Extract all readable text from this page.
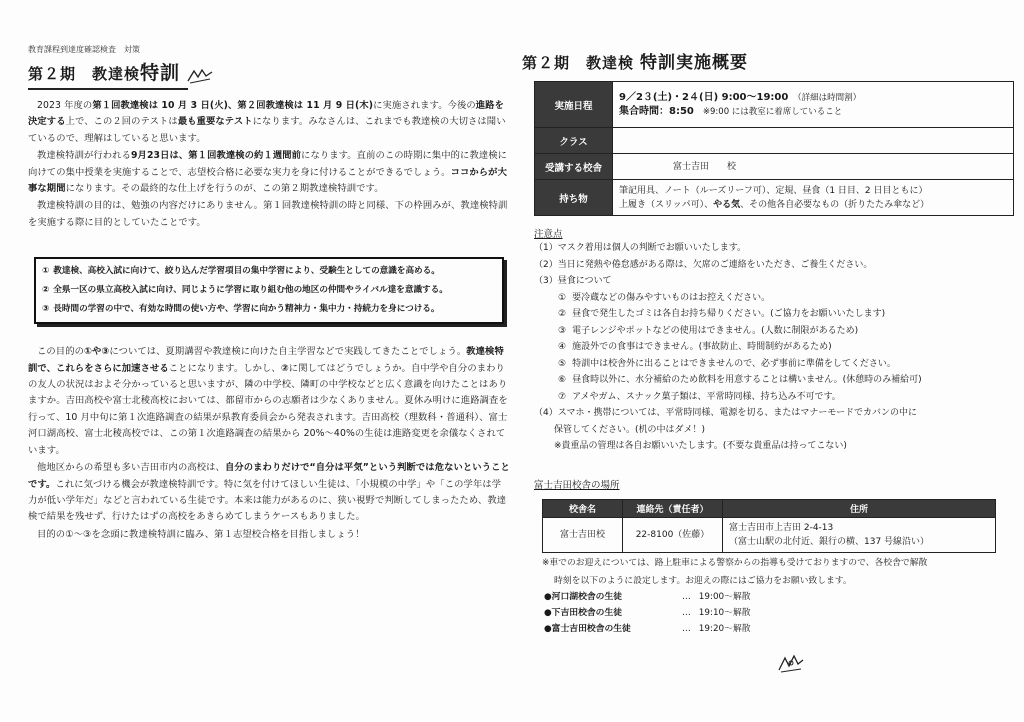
教育課程到達度確認検査　対策
第２期　教達検特訓

2023 年度の第１回教達検は 10 月 3 日(火)、第２回教達検は 11 月 9 日(木)に実施されます。今後の進路を決定する上で、この２回のテストは最も重要なテストになります。みなさんは、これまでも教達検の大切さは聞いているので、理解はしていると思います。

教達検特訓が行われる9月23日は、第１回教達検の約１週間前になります。直前のこの時期に集中的に教達検に向けての集中授業を実施することで、志望校合格に必要な実力を身に付けることができるでしょう。ココからが大事な期間になります。その最終的な仕上げを行うのが、この第２期教達検特訓です。

教達検特訓の目的は、勉強の内容だけにありません。第１回教達検特訓の時と同様、下の枠囲みが、教達検特訓を実施する際に目的としていたことです。

① 教達検、高校入試に向けて、絞り込んだ学習項目の集中学習により、受験生としての意識を高める。
② 全県一区の県立高校入試に向け、同じように学習に取り組む他の地区の仲間やライバル達を意識する。
③ 長時間の学習の中で、有効な時間の使い方や、学習に向かう精神力・集中力・持続力を身につける。

この目的の①や③については、夏期講習や教達検に向けた自主学習などで実践してきたことでしょう。教達検特訓で、これらをさらに加速させることになります。しかし、②に関してはどうでしょうか。自中学や自分のまわりの友人の状況はおよそ分かっていると思いますが、隣の中学校、隣町の中学校などと広く意識を向けたことはありますか。吉田高校や富士北稜高校においては、都留市からの志願者は少なくありません。夏休み明けに進路調査を行って、10 月中旬に第１次進路調査の結果が県教育委員会から発表されます。吉田高校（理数科・普通科）、富士河口湖高校、富士北稜高校では、この第１次進路調査の結果から 20%～40%の生徒は進路変更を余儀なくされています。

他地区からの希望も多い吉田市内の高校は、自分のまわりだけで“自分は平気”という判断では危ないということです。これに気づける機会が教達検特訓です。特に気を付けてほしい生徒は、「小規模の中学」や「この学年は学力が低い学年だ」などと言われている生徒です。本来は能力があるのに、狭い視野で判断してしまったため、教達検で結果を残せず、行けたはずの高校をあきらめてしまうケースもありました。

目的の①～③を念頭に教達検特訓に臨み、第１志望校合格を目指しましょう！

第２期　教達検 特訓実施概要
実施日程	9／2３(土)・2４(日) 9:00～19:00　 （詳細は時間割）
集合時間：8:50　 ※9:00 には教室に着席していること

クラス	
受講する校舎	富士吉田　　校
持ち物	筆記用具、ノート（ルーズリーフ可）、定規、昼食（1 日目、2 日目ともに）
上履き（スリッパ可）、やる気、その他各自必要なもの（折りたたみ傘など）
注意点
（1）マスク着用は個人の判断でお願いいたします。
（2）当日に発熱や倦怠感がある際は、欠席のご連絡をいただき、ご養生ください。
（3）昼食について
① 要冷蔵などの傷みやすいものはお控えください。
② 昼食で発生したゴミは各自お持ち帰りください。(ご協力をお願いいたします)
③ 電子レンジやポットなどの使用はできません。(人数に制限があるため)
④ 施設外での食事はできません。(事故防止、時間制約があるため)
⑤ 特訓中は校舎外に出ることはできませんので、必ず事前に準備をしてください。
⑥ 昼食時以外に、水分補給のため飲料を用意することは構いません。(休憩時のみ補給可)
⑦ アメやガム、スナック菓子類は、平常時同様、持ち込み不可です。
（4）スマホ・携帯については、平常時同様、電源を切る、またはマナーモードでカバンの中に
保管してください。(机の中はダメ！)
※貴重品の管理は各自お願いいたします。(不要な貴重品は持ってこない)
富士吉田校舎の場所
校舎名	連絡先（責任者）	住所
富士吉田校	22-8100（佐藤）	富士吉田市上吉田 2-4-13
（富士山駅の北付近、銀行の横、137 号線沿い）
※車でのお迎えについては、路上駐車による警察からの指導も受けておりますので、各校舎で解散
時刻を以下のように設定します。お迎えの際にはご協力をお願い致します。
●河口湖校舎の生徒	… 19:00～解散
●下吉田校舎の生徒	… 19:10～解散
●富士吉田校舎の生徒	… 19:20～解散
